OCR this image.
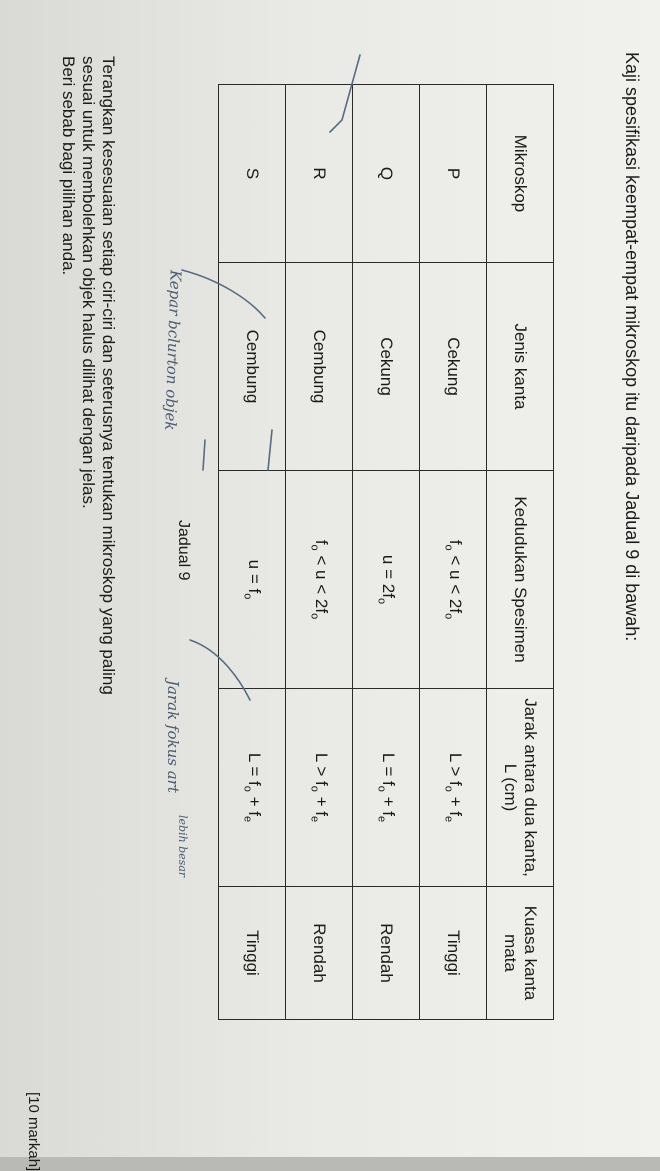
Kaji spesifikasi keempat-empat mikroskop itu daripada Jadual 9 di bawah:
Mikroskop	Jenis kanta	Kedudukan Spesimen	Jarak antara dua kanta, L (cm)	Kuasa kanta mata
P	Cekung	$f_o < u < 2f_o$	$L > f_o + f_e$	Tinggi
Q	Cekung	$u = 2f_o$	$L = f_o + f_e$	Rendah
R	Cembung	$f_o < u < 2f_o$	$L > f_o + f_e$	Rendah
S	Cembung	$u = f_o$	$L = f_o + f_e$	Tinggi
Jadual 9
Terangkan kesesuaian setiap ciri-ciri dan seterusnya tentukan mikroskop yang paling
sesuai untuk membolehkan objek halus dilihat dengan jelas.
Beri sebab bagi pilihan anda.
[10 markah]
Kepar bclurton objek
Jarak fokus art
lebih besar
